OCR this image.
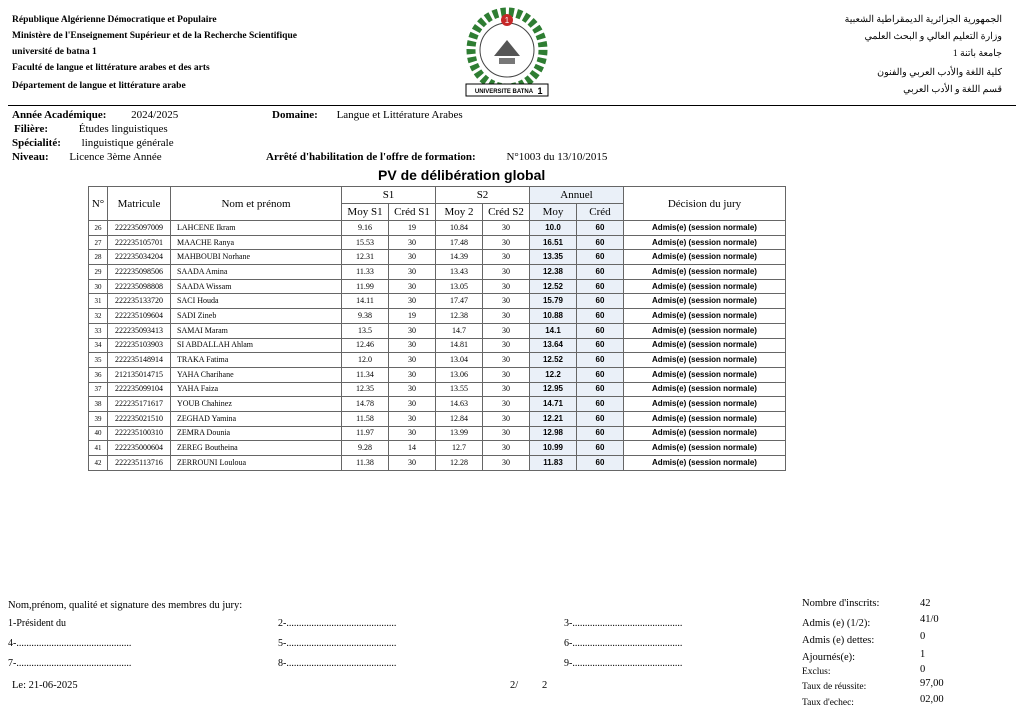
République Algérienne Démocratique et Populaire
Ministère de l'Enseignement Supérieur et de la Recherche Scientifique
université de batna 1
Faculté de langue et littérature arabes et des arts
Département de langue et littérature arabe
1
UNIVERSITE BATNA 1
الجمهورية الجزائرية الديمقراطية الشعبية
وزارة التعليم العالي و البحث العلمي
جامعة باتنة 1
كلية اللغة والأدب العربي والفنون
قسم اللغة و الأدب العربي
Année Académique: 2024/2025	Domaine: Langue et Littérature Arabes
Filière:	Études linguistiques
Spécialité: linguistique générale
Niveau: Licence 3ème Année	Arrêté d'habilitation de l'offre de formation:	N°1003 du 13/10/2015
PV de délibération global
N°	Matricule	Nom et prénom	S1		S2		Annuel		Décision du jury
			Moy S1	Créd S1	Moy 2	Créd S2	Moy	Créd	
26	222235097009	LAHCENE Ikram	9.16	19	10.84	30	10.0	60	Admis(e) (session normale)
27	222235105701	MAACHE Ranya	15.53	30	17.48	30	16.51	60	Admis(e) (session normale)
28	222235034204	MAHBOUBI Norhane	12.31	30	14.39	30	13.35	60	Admis(e) (session normale)
29	222235098506	SAADA Amina	11.33	30	13.43	30	12.38	60	Admis(e) (session normale)
30	222235098808	SAADA Wissam	11.99	30	13.05	30	12.52	60	Admis(e) (session normale)
31	222235133720	SACI Houda	14.11	30	17.47	30	15.79	60	Admis(e) (session normale)
32	222235109604	SADI Zineb	9.38	19	12.38	30	10.88	60	Admis(e) (session normale)
33	222235093413	SAMAI Maram	13.5	30	14.7	30	14.1	60	Admis(e) (session normale)
34	222235103903	SI ABDALLAH Ahlam	12.46	30	14.81	30	13.64	60	Admis(e) (session normale)
35	222235148914	TRAKA Fatima	12.0	30	13.04	30	12.52	60	Admis(e) (session normale)
36	212135014715	YAHA Charihane	11.34	30	13.06	30	12.2	60	Admis(e) (session normale)
37	222235099104	YAHA Faiza	12.35	30	13.55	30	12.95	60	Admis(e) (session normale)
38	222235171617	YOUB Chahinez	14.78	30	14.63	30	14.71	60	Admis(e) (session normale)
39	222235021510	ZEGHAD Yamina	11.58	30	12.84	30	12.21	60	Admis(e) (session normale)
40	222235100310	ZEMRA Dounia	11.97	30	13.99	30	12.98	60	Admis(e) (session normale)
41	222235000604	ZEREG Boutheina	9.28	14	12.7	30	10.99	60	Admis(e) (session normale)
42	222235113716	ZERROUNI Louloua	11.38	30	12.28	30	11.83	60	Admis(e) (session normale)
Nom,prénom, qualité et signature des membres du jury:
1-Président du	2-............................................	3-............................................
4-..............................................	5-............................................	6-............................................
7-..............................................	8-............................................	9-............................................
Le: 21-06-2025	2/ 2
Nombre d'inscrits:	42
Admis (e) (1/2):	41/0
Admis (e) dettes:	0
Ajournés(e):	1
Exclus:	0
Taux de réussite:	97,00
Taux d'echec:	02,00
